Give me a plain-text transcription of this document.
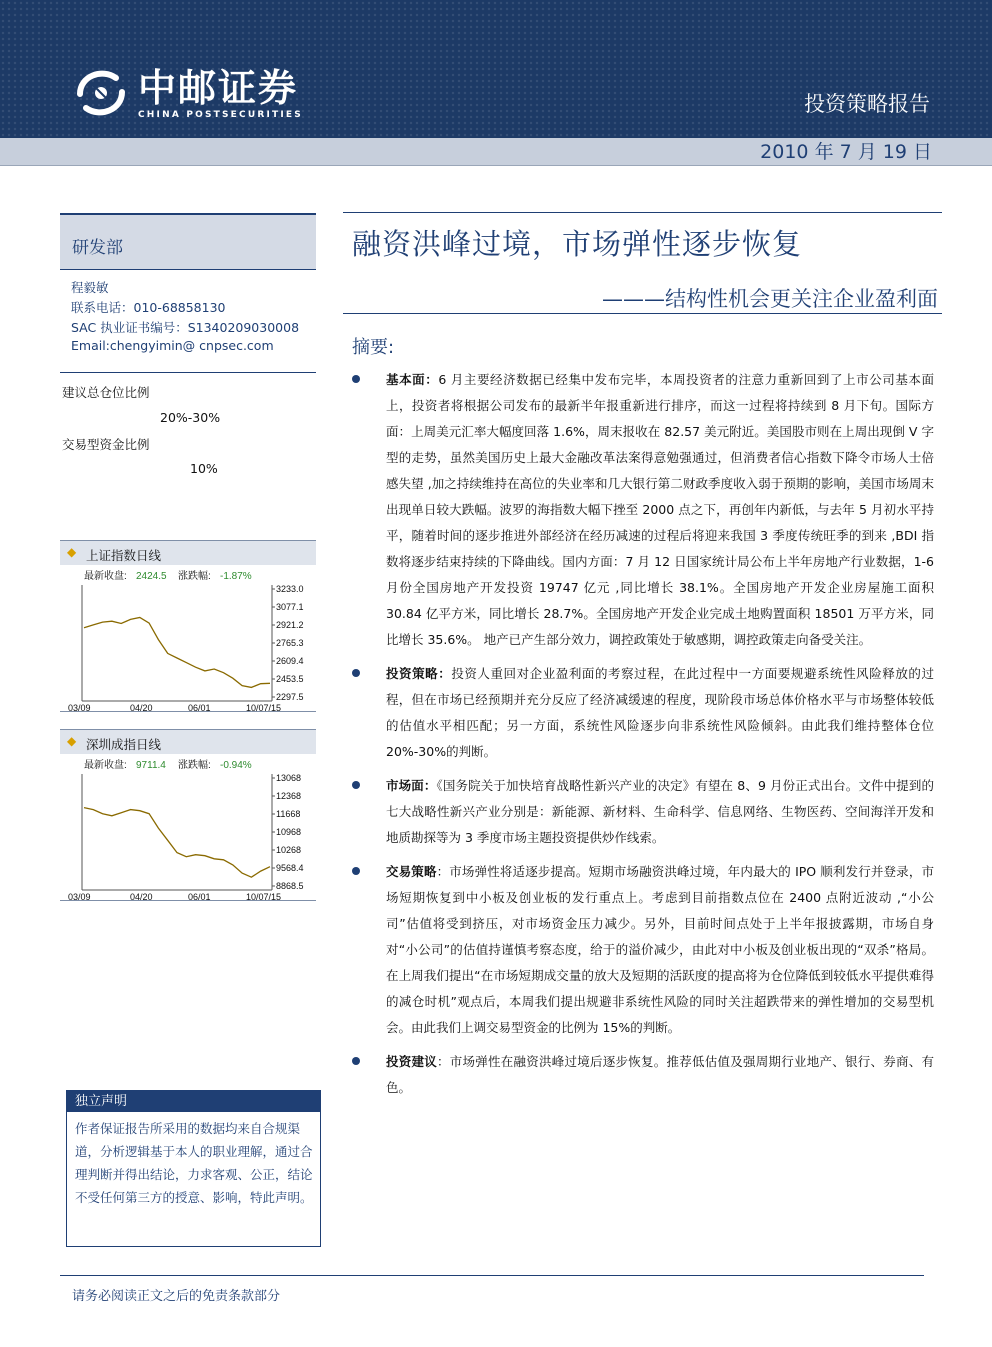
中邮证券
CHINA POSTSECURITIES	投资策略报告
2010 年 7 月 19 日
研发部
程毅敏
联系电话：010-68858130
SAC 执业证书编号：S1340209030008
Email:chengyimin@ cnpsec.com
建议总仓位比例
20%-30%
交易型资金比例
10%
◆ 上证指数日线
最新收盘: 2424.5 涨跌幅: -1.87%
3233.0
3077.1
2921.2
2765.3
2609.4
2453.5
2297.5
03/09	04/20	06/01	10/07/15
◆ 深圳成指日线
最新收盘: 9711.4 涨跌幅: -0.94%
13068
12368
11668
10968
10268
9568.4
8868.5
03/09	04/20	06/01	10/07/15
独立声明
作者保证报告所采用的数据均来自合规渠道，分析逻辑基于本人的职业理解，通过合理判断并得出结论，力求客观、公正，结论不受任何第三方的授意、影响，特此声明。
融资洪峰过境，市场弹性逐步恢复
———结构性机会更关注企业盈利面
摘要:
基本面：6 月主要经济数据已经集中发布完毕，本周投资者的注意力重新回到了上市公司基本面上，投资者将根据公司发布的最新半年报重新进行排序，而这一过程将持续到 8 月下旬。国际方面：上周美元汇率大幅度回落 1.6%，周末报收在 82.57 美元附近。美国股市则在上周出现倒 V 字型的走势，虽然美国历史上最大金融改革法案得意勉强通过，但消费者信心指数下降令市场人士倍感失望 ,加之持续维持在高位的失业率和几大银行第二财政季度收入弱于预期的影响，美国市场周末出现单日较大跌幅。波罗的海指数大幅下挫至 2000 点之下，再创年内新低，与去年 5 月初水平持平，随着时间的逐步推进外部经济在经历减速的过程后将迎来我国 3 季度传统旺季的到来 ,BDI 指数将逐步结束持续的下降曲线。国内方面：7 月 12 日国家统计局公布上半年房地产行业数据，1-6 月份全国房地产开发投资 19747 亿元 ,同比增长 38.1%。全国房地产开发企业房屋施工面积 30.84 亿平方米，同比增长 28.7%。全国房地产开发企业完成土地购置面积 18501 万平方米，同比增长 35.6%。 地产已产生部分效力，调控政策处于敏感期，调控政策走向备受关注。
投资策略：投资人重回对企业盈利面的考察过程，在此过程中一方面要规避系统性风险释放的过程，但在市场已经预期并充分反应了经济减缓速的程度，现阶段市场总体价格水平与市场整体较低的估值水平相匹配；另一方面，系统性风险逐步向非系统性风险倾斜。由此我们维持整体仓位 20%-30%的判断。
市场面：《国务院关于加快培育战略性新兴产业的决定》有望在 8、9 月份正式出台。文件中提到的七大战略性新兴产业分别是：新能源、新材料、生命科学、信息网络、生物医药、空间海洋开发和地质勘探等为 3 季度市场主题投资提供炒作线索。
交易策略：市场弹性将适逐步提高。短期市场融资洪峰过境，年内最大的 IPO 顺利发行并登录，市场短期恢复到中小板及创业板的发行重点上。考虑到目前指数点位在 2400 点附近波动 ,“小公司”估值将受到挤压，对市场资金压力减少。另外，目前时间点处于上半年报披露期，市场自身对“小公司”的估值持谨慎考察态度，给于的溢价减少，由此对中小板及创业板出现的“双杀”格局。在上周我们提出“在市场短期成交量的放大及短期的活跃度的提高将为仓位降低到较低水平提供难得的减仓时机”观点后，本周我们提出规避非系统性风险的同时关注超跌带来的弹性增加的交易型机会。由此我们上调交易型资金的比例为 15%的判断。
投资建议：市场弹性在融资洪峰过境后逐步恢复。推荐低估值及强周期行业地产、银行、券商、有色。
请务必阅读正文之后的免责条款部分
